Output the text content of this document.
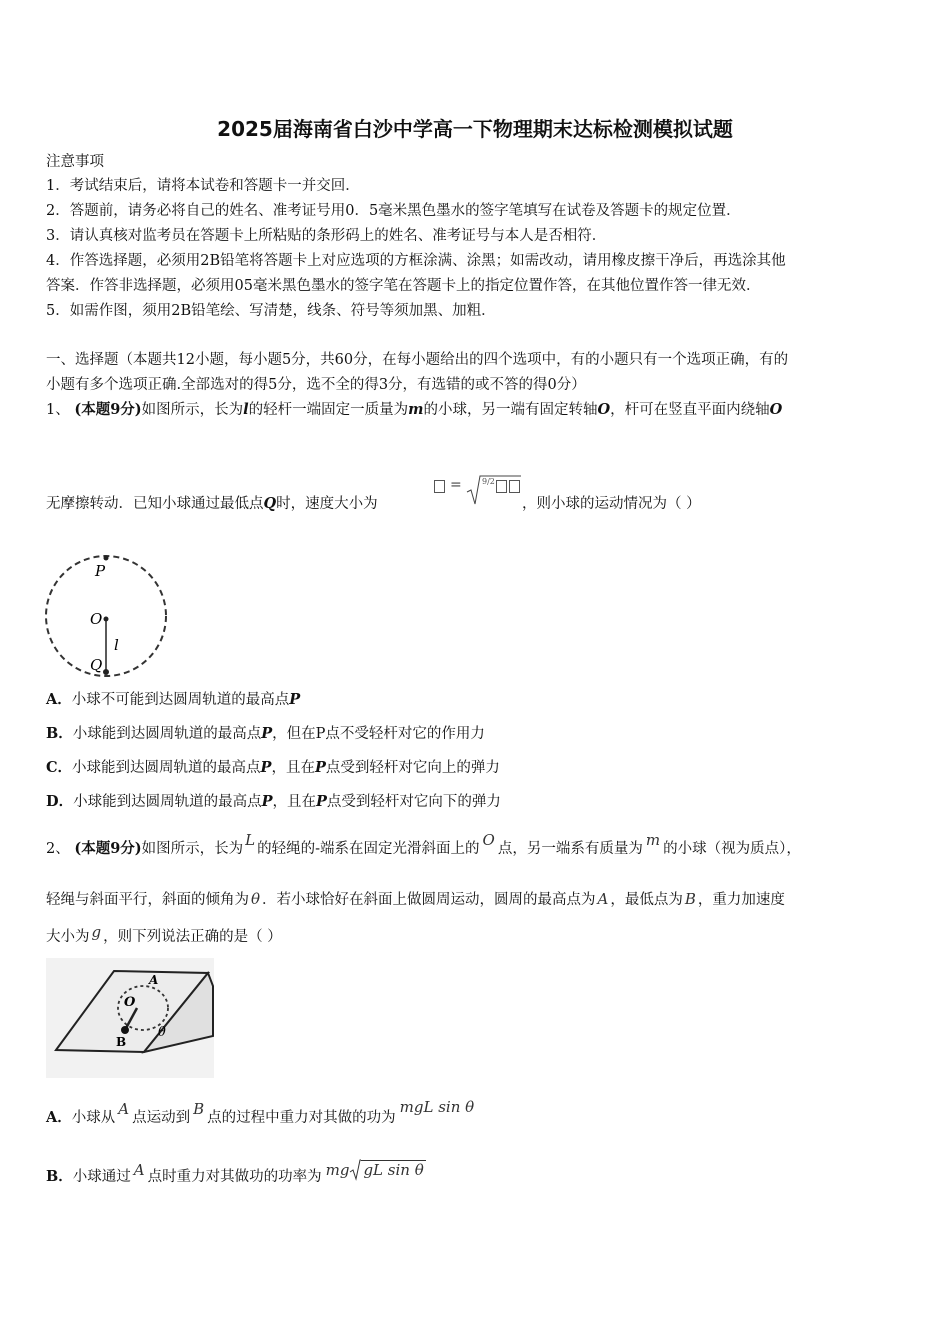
2025届海南省白沙中学高一下物理期末达标检测模拟试题
注意事项
1．考试结束后，请将本试卷和答题卡一并交回．
2．答题前，请务必将自己的姓名、准考证号用0．5毫米黑色墨水的签字笔填写在试卷及答题卡的规定位置．
3．请认真核对监考员在答题卡上所粘贴的条形码上的姓名、准考证号与本人是否相符．
4．作答选择题，必须用2B铅笔将答题卡上对应选项的方框涂满、涂黑；如需改动，请用橡皮擦干净后，再选涂其他
答案．作答非选择题，必须用05毫米黑色墨水的签字笔在答题卡上的指定位置作答，在其他位置作答一律无效．
5．如需作图，须用2B铅笔绘、写清楚，线条、符号等须加黑、加粗．
一、选择题（本题共12小题，每小题5分，共60分，在每小题给出的四个选项中，有的小题只有一个选项正确，有的
小题有多个选项正确.全部选对的得5分，选不全的得3分，有选错的或不答的得0分）
1、 (本题9分)如图所示，长为l的轻杆一端固定一质量为m的小球，另一端有固定转轴O，杆可在竖直平面内绕轴O
无摩擦转动．已知小球通过最低点Q时，速度大小为
=	9/2
，则小球的运动情况为（ ）
P
O
l
Q
A．小球不可能到达圆周轨道的最高点P
B．小球能到达圆周轨道的最高点P，但在P点不受轻杆对它的作用力
C．小球能到达圆周轨道的最高点P，且在P点受到轻杆对它向上的弹力
D．小球能到达圆周轨道的最高点P，且在P点受到轻杆对它向下的弹力
2、 (本题9分)如图所示，长为 L 的轻绳的-端系在固定光滑斜面上的 O 点，另一端系有质量为 m 的小球（视为质点），
轻绳与斜面平行，斜面的倾角为 θ ．若小球恰好在斜面上做圆周运动，圆周的最高点为 A ，最低点为 B ，重力加速度
大小为 g ，则下列说法正确的是（ ）
A
O
B
θ
A．小球从 A 点运动到 B 点的过程中重力对其做的功为mgL sin θ
B．小球通过 A 点时重力对其做功的功率为 mg gL sin θ
